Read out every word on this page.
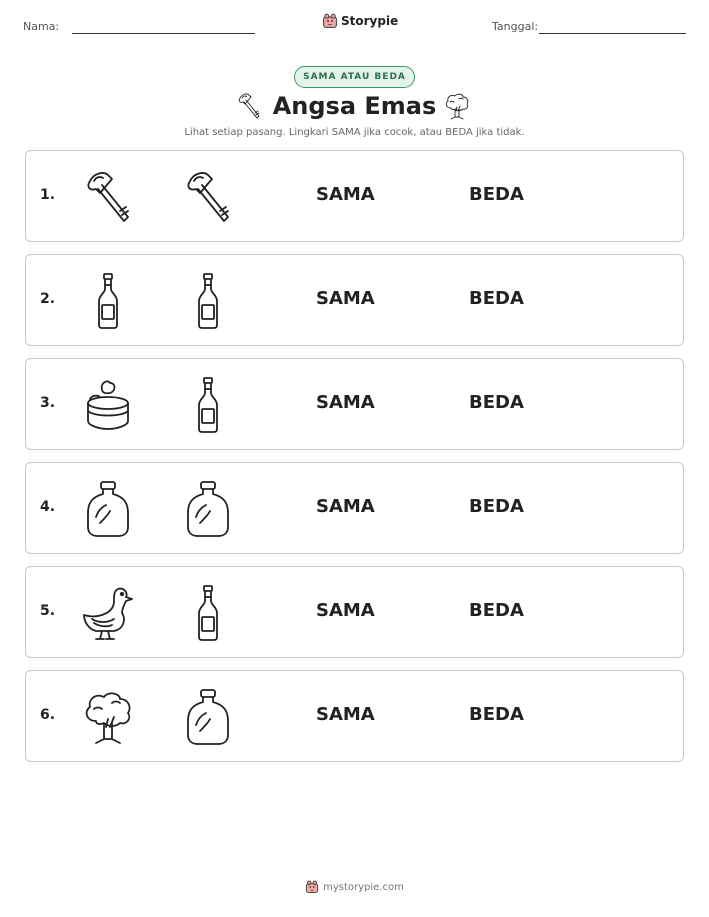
Nama:	Storypie	Tanggal:
SAMA ATAU BEDA
Angsa Emas
Lihat setiap pasang. Lingkari SAMA jika cocok, atau BEDA jika tidak.
1.	SAMA	BEDA
2.	SAMA	BEDA
3.	SAMA	BEDA
4.	SAMA	BEDA
5.	SAMA	BEDA
6.	SAMA	BEDA
mystorypie.com
